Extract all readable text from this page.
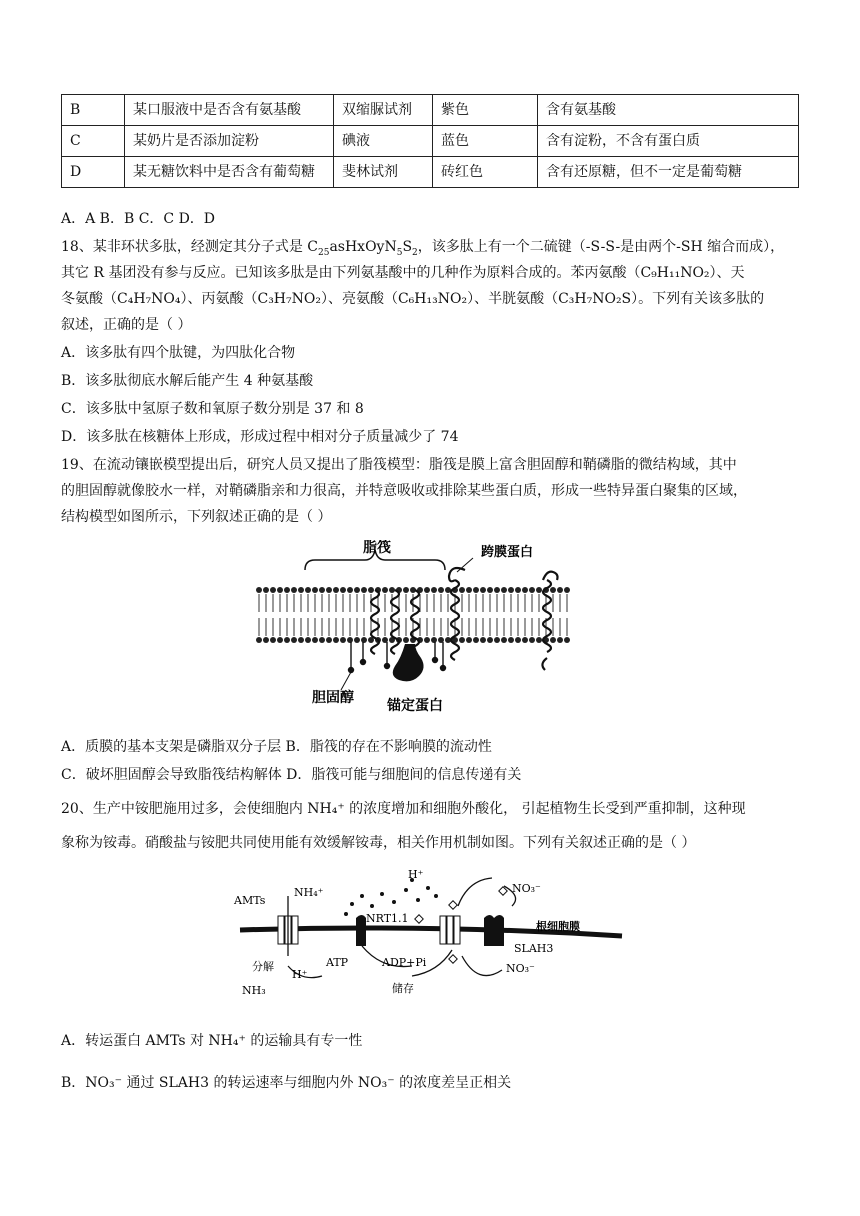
B	某口服液中是否含有氨基酸	双缩脲试剂	紫色	含有氨基酸
C	某奶片是否添加淀粉	碘液	蓝色	含有淀粉，不含有蛋白质
D	某无糖饮料中是否含有葡萄糖	斐林试剂	砖红色	含有还原糖，但不一定是葡萄糖
A．A B．B C．C D．D
18、某非环状多肽，经测定其分子式是 $C_{25}asHxOyN_5S_2$，该多肽上有一个二硫键（-S-S-是由两个-SH 缩合而成），
其它 R 基团没有参与反应。已知该多肽是由下列氨基酸中的几种作为原料合成的。苯丙氨酸（C₉H₁₁NO₂）、天
冬氨酸（C₄H₇NO₄）、丙氨酸（C₃H₇NO₂）、亮氨酸（C₆H₁₃NO₂）、半胱氨酸（C₃H₇NO₂S）。下列有关该多肽的
叙述，正确的是（ ）
A．该多肽有四个肽键，为四肽化合物
B．该多肽彻底水解后能产生 4 种氨基酸
C．该多肽中氢原子数和氧原子数分别是 37 和 8
D．该多肽在核糖体上形成，形成过程中相对分子质量减少了 74
19、在流动镶嵌模型提出后，研究人员又提出了脂筏模型：脂筏是膜上富含胆固醇和鞘磷脂的微结构域，其中
的胆固醇就像胶水一样，对鞘磷脂亲和力很高，并特意吸收或排除某些蛋白质，形成一些特异蛋白聚集的区域，
结构模型如图所示，下列叙述正确的是（ ）
脂筏	跨膜蛋白
胆固醇 锚定蛋白
A．质膜的基本支架是磷脂双分子层 B．脂筏的存在不影响膜的流动性
C．破坏胆固醇会导致脂筏结构解体 D．脂筏可能与细胞间的信息传递有关
20、生产中铵肥施用过多，会使细胞内 NH₄⁺ 的浓度增加和细胞外酸化， 引起植物生长受到严重抑制，这种现
象称为铵毒。硝酸盐与铵肥共同使用能有效缓解铵毒，相关作用机制如图。下列有关叙述正确的是（ ）
AMTs
NH₄⁺
H⁺
NO₃⁻
NRT1.1
根细胞膜
SLAH3
NO₃⁻
分解
H⁺
NH₃
ATP	ADP+Pi
储存
A．转运蛋白 AMTs 对 NH₄⁺ 的运输具有专一性
B．NO₃⁻ 通过 SLAH3 的转运速率与细胞内外 NO₃⁻ 的浓度差呈正相关
